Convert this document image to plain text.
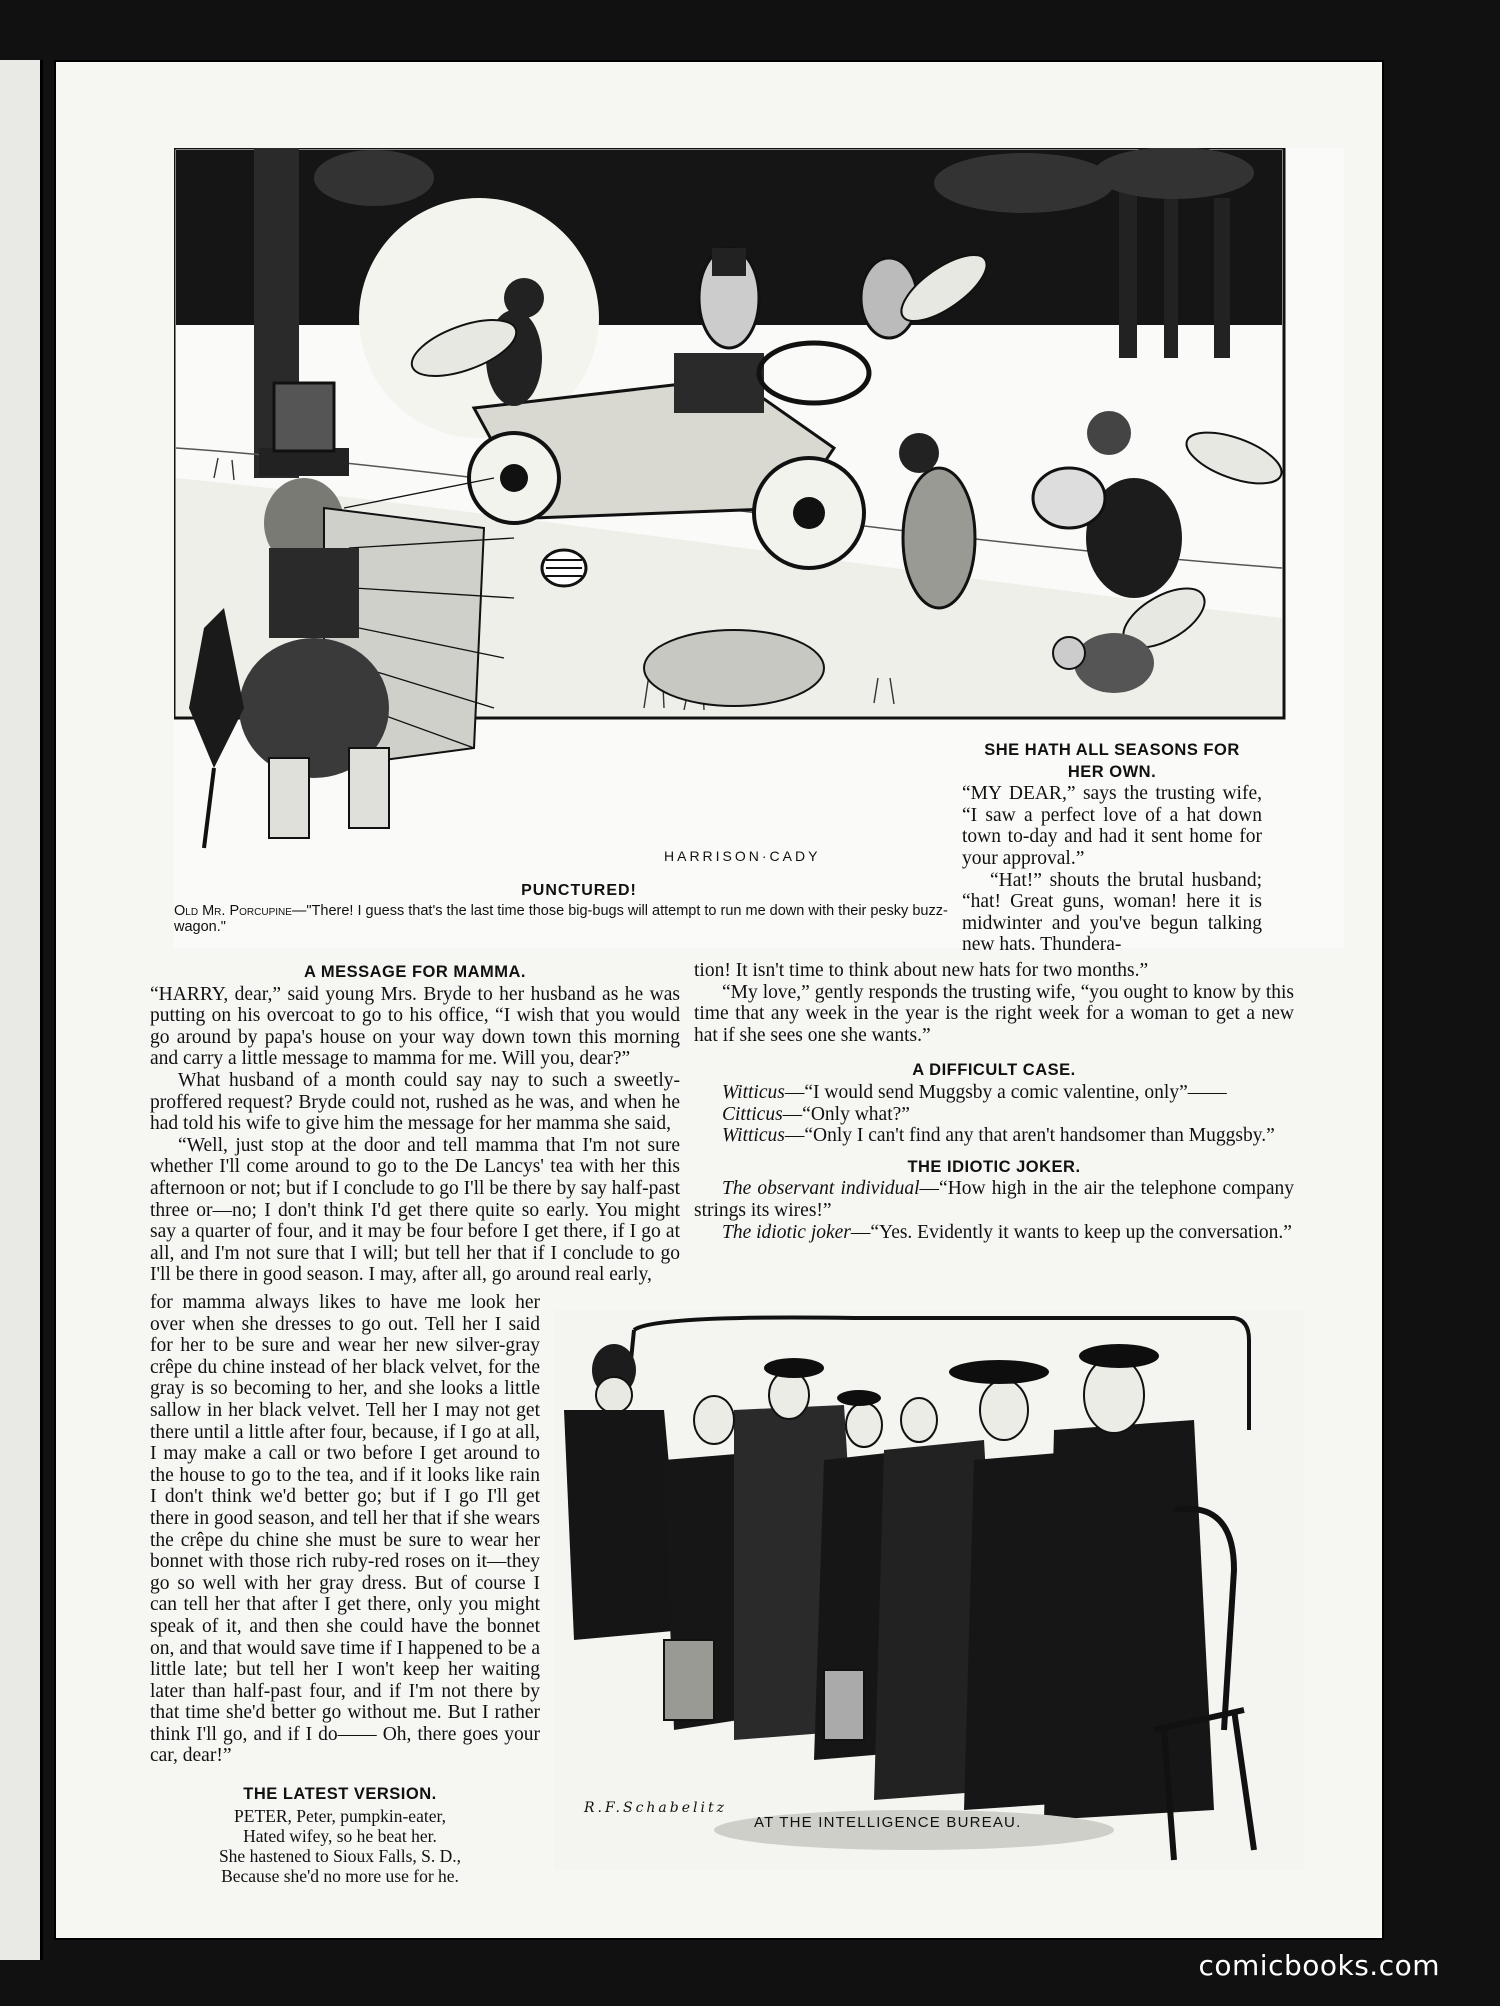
HARRISON·CADY
PUNCTURED!
Old Mr. Porcupine—"There! I guess that's the last time those big-bugs will attempt to run me down with their pesky buzz-wagon."
SHE HATH ALL SEASONS FOR
HER OWN.

“MY DEAR,” says the trusting wife, “I saw a perfect love of a hat down town to-day and had it sent home for your approval.”

“Hat!” shouts the brutal husband; “hat! Great guns, woman! here it is midwinter and you've begun talking new hats. Thundera-

tion! It isn't time to think about new hats for two months.”

“My love,” gently responds the trusting wife, “you ought to know by this time that any week in the year is the right week for a woman to get a new hat if she sees one she wants.”

A DIFFICULT CASE.

Witticus—“I would send Muggsby a comic valentine, only”——

Citticus—“Only what?”

Witticus—“Only I can't find any that aren't handsomer than Muggsby.”

THE IDIOTIC JOKER.

The observant individual—“How high in the air the telephone company strings its wires!”

The idiotic joker—“Yes. Evidently it wants to keep up the conversation.”

A MESSAGE FOR MAMMA.

“HARRY, dear,” said young Mrs. Bryde to her husband as he was putting on his overcoat to go to his office, “I wish that you would go around by papa's house on your way down town this morning and carry a little message to mamma for me. Will you, dear?”

What husband of a month could say nay to such a sweetly-proffered request? Bryde could not, rushed as he was, and when he had told his wife to give him the message for her mamma she said,

“Well, just stop at the door and tell mamma that I'm not sure whether I'll come around to go to the De Lancys' tea with her this afternoon or not; but if I conclude to go I'll be there by say half-past three or—no; I don't think I'd get there quite so early. You might say a quarter of four, and it may be four before I get there, if I go at all, and I'm not sure that I will; but tell her that if I conclude to go I'll be there in good season. I may, after all, go around real early,

for mamma always likes to have me look her over when she dresses to go out. Tell her I said for her to be sure and wear her new silver-gray crêpe du chine instead of her black velvet, for the gray is so becoming to her, and she looks a little sallow in her black velvet. Tell her I may not get there until a little after four, because, if I go at all, I may make a call or two before I get around to the house to go to the tea, and if it looks like rain I don't think we'd better go; but if I go I'll get there in good season, and tell her that if she wears the crêpe du chine she must be sure to wear her bonnet with those rich ruby-red roses on it—they go so well with her gray dress. But of course I can tell her that after I get there, only you might speak of it, and then she could have the bonnet on, and that would save time if I happened to be a little late; but tell her I won't keep her waiting later than half-past four, and if I'm not there by that time she'd better go without me. But I rather think I'll go, and if I do—— Oh, there goes your car, dear!”

THE LATEST VERSION.
PETER, Peter, pumpkin-eater,
Hated wifey, so he beat her.
She hastened to Sioux Falls, S. D.,
Because she'd no more use for he.
R.F.Schabelitz
AT THE INTELLIGENCE BUREAU.
comicbooks.com
